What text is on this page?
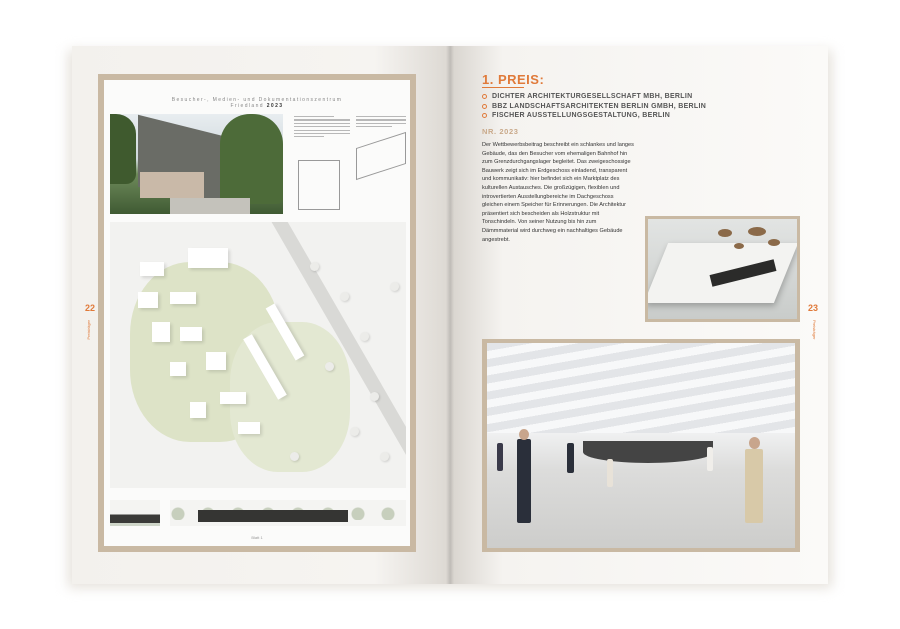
Besucher-, Medien- und Dokumentationszentrum
Friedland 2023
Blatt 1
22
Preisträger
23
Preisträger
1. PREIS:
DICHTER ARCHITEKTURGESELLSCHAFT MBH, BERLIN
BBZ LANDSCHAFTSARCHITEKTEN BERLIN GMBH, BERLIN
FISCHER AUSSTELLUNGSGESTALTUNG, BERLIN
NR. 2023
Der Wettbewerbsbeitrag beschreibt ein schlankes und langes Gebäude, das den Besucher vom ehemaligen Bahnhof hin zum Grenzdurchgangslager begleitet. Das zweigeschossige Bauwerk zeigt sich im Erdgeschoss einladend, transparent und kommunikativ: hier befindet sich ein Marktplatz des kulturellen Austausches. Die großzügigen, flexiblen und introvertierten Ausstellungbereiche im Dachgeschoss gleichen einem Speicher für Erinnerungen. Die Architektur präsentiert sich bescheiden als Holzstruktur mit Tonschindeln. Von seiner Nutzung bis hin zum Dämmmaterial wird durchweg ein nachhaltiges Gebäude angestrebt.
